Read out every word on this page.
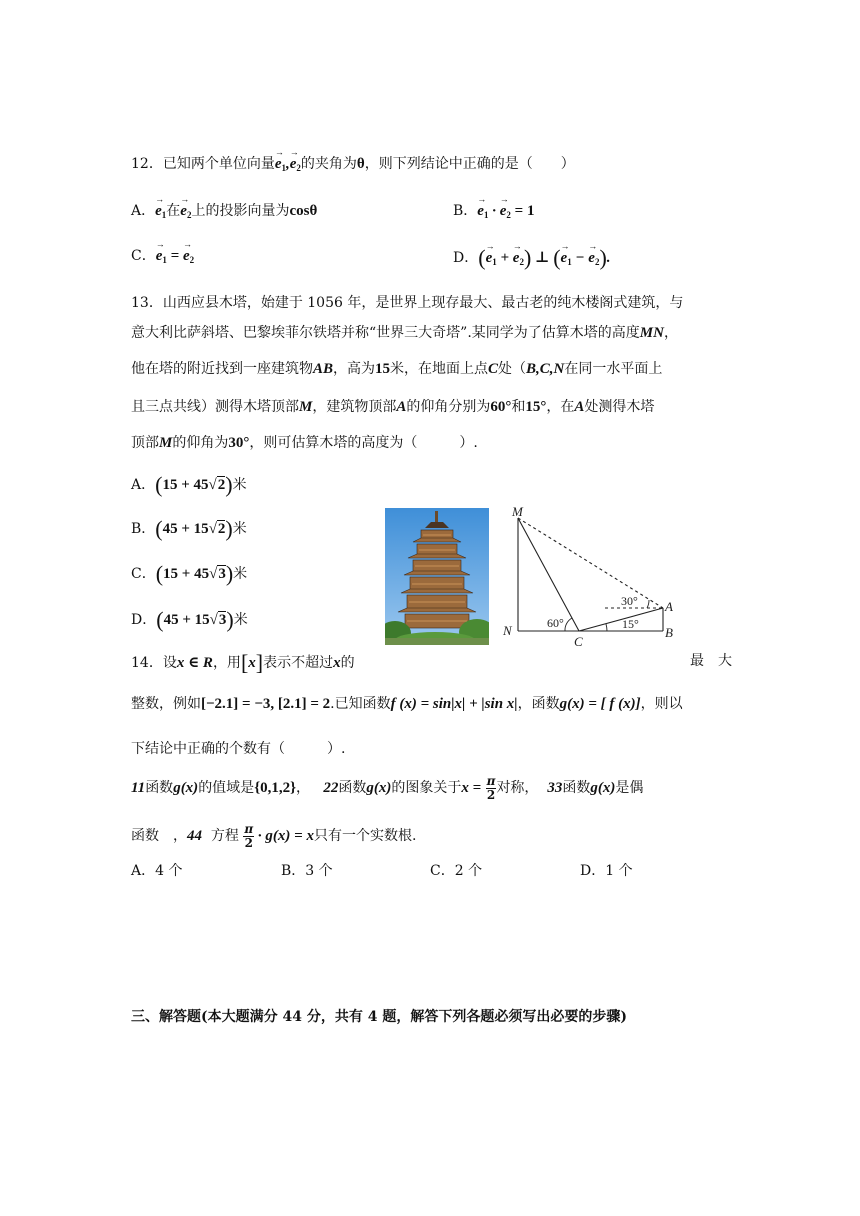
12．已知两个单位向量→ $e_1,\to e_2$的夹角为θ，则下列结论中正确的是（　　）
A．→ $e_1$在→ $e_2$上的投影向量为cosθ	B．→ $e_1$ · → $e_2 = 1$
C．→ $e_1$ = → $e_2$	D．(→ $e_1$ + → $e_2$) ⊥ (→ $e_1$ − → $e_2$).
13．山西应县木塔，始建于 1056 年，是世界上现存最大、最古老的纯木楼阁式建筑，与
意大利比萨斜塔、巴黎埃菲尔铁塔并称“世界三大奇塔”.某同学为了估算木塔的高度MN，
他在塔的附近找到一座建筑物AB，高为15米，在地面上点C处（B,C,N在同一水平面上
且三点共线）测得木塔顶部M，建筑物顶部A的仰角分别为60°和15°，在A处测得木塔
顶部M的仰角为30°，则可估算木塔的高度为（　　　）.
A．(15 + 45√2)米
B．(45 + 15√2)米
C．(15 + 45√3)米
D．(45 + 15√3)米
M
N
C
A
B
60°	15°
30°
14．设x ∈ R，用[x]表示不超过x的	最　大
整数，例如[−2.1] = −3, [2.1] = 2.已知函数f (x) = sin|x| + |sin x|，函数g(x) = [ f (x)]，则以
下结论中正确的个数有（　　　）.
11函数g(x)的值域是{0,1,2}， 22函数g(x)的图象关于$x = \frac{\pi}{2}$ 对称， 33函数g(x)是偶
函数　，44 方程 $\frac{\pi}{2} \cdot g(x) = x$只有一个实数根.
A．4 个	B．3 个	C．2 个	D．1 个
三、解答题(本大题满分 44 分，共有 4 题，解答下列各题必须写出必要的步骤)
